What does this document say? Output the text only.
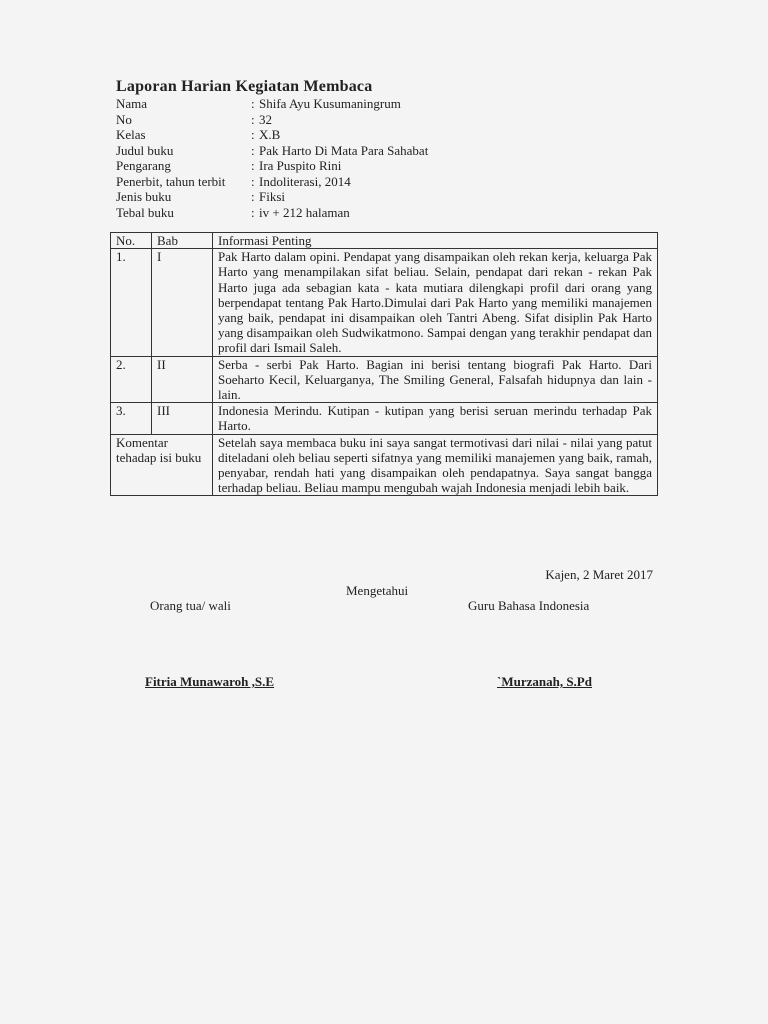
Laporan Harian Kegiatan Membaca
Nama	: Shifa Ayu Kusumaningrum
No	: 32
Kelas	: X.B
Judul buku	: Pak Harto Di Mata Para Sahabat
Pengarang	: Ira Puspito Rini
Penerbit, tahun terbit	: Indoliterasi, 2014
Jenis buku	: Fiksi
Tebal buku	: iv + 212 halaman
No.	Bab	Informasi Penting
1.	I	Pak Harto dalam opini. Pendapat yang disampaikan oleh rekan kerja, keluarga Pak Harto yang menampilakan sifat beliau. Selain, pendapat dari rekan - rekan Pak Harto juga ada sebagian kata - kata mutiara dilengkapi profil dari orang yang berpendapat tentang Pak Harto.Dimulai dari Pak Harto yang memiliki manajemen yang baik, pendapat ini disampaikan oleh Tantri Abeng. Sifat disiplin Pak Harto yang disampaikan oleh Sudwikatmono. Sampai dengan yang terakhir pendapat dan profil dari Ismail Saleh.
2.	II	Serba - serbi Pak Harto. Bagian ini berisi tentang biografi Pak Harto. Dari Soeharto Kecil, Keluarganya, The Smiling General, Falsafah hidupnya dan lain - lain.
3.	III	Indonesia Merindu. Kutipan - kutipan yang berisi seruan merindu terhadap Pak Harto.
Komentar tehadap isi buku		Setelah saya membaca buku ini saya sangat termotivasi dari nilai - nilai yang patut diteladani oleh beliau seperti sifatnya yang memiliki manajemen yang baik, ramah, penyabar, rendah hati yang disampaikan oleh pendapatnya. Saya sangat bangga terhadap beliau. Beliau mampu mengubah wajah Indonesia menjadi lebih baik.
Kajen, 2 Maret 2017
Mengetahui
Orang tua/ wali	Guru Bahasa Indonesia
Fitria Munawaroh ,S.E	`Murzanah, S.Pd
